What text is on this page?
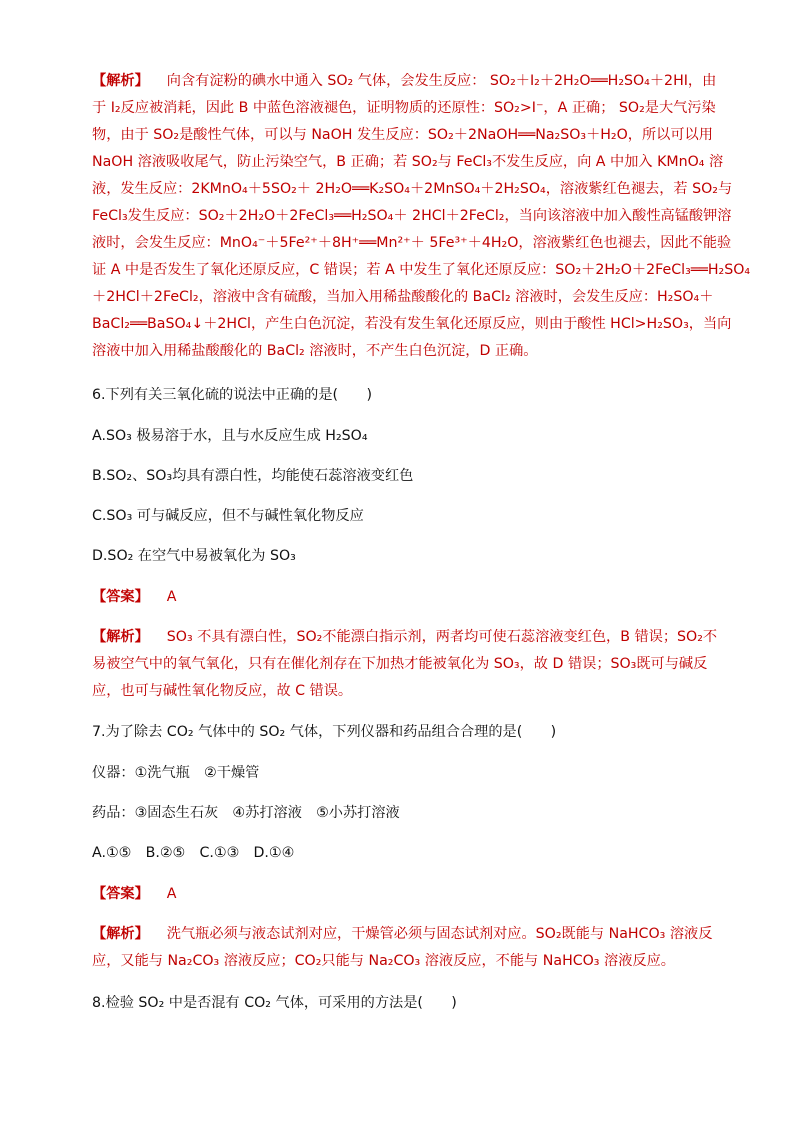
【解析】 向含有淀粉的碘水中通入 SO₂ 气体，会发生反应： SO₂＋I₂＋2H₂O══H₂SO₄＋2HI，由
于 I₂反应被消耗，因此 B 中蓝色溶液褪色，证明物质的还原性：SO₂>I⁻，A 正确； SO₂是大气污染
物，由于 SO₂是酸性气体，可以与 NaOH 发生反应：SO₂＋2NaOH══Na₂SO₃＋H₂O，所以可以用
NaOH 溶液吸收尾气，防止污染空气，B 正确；若 SO₂与 FeCl₃不发生反应，向 A 中加入 KMnO₄ 溶
液，发生反应：2KMnO₄＋5SO₂＋ 2H₂O══K₂SO₄＋2MnSO₄＋2H₂SO₄，溶液紫红色褪去，若 SO₂与
FeCl₃发生反应：SO₂＋2H₂O＋2FeCl₃══H₂SO₄＋ 2HCl＋2FeCl₂，当向该溶液中加入酸性高锰酸钾溶
液时，会发生反应：MnO₄⁻＋5Fe²⁺＋8H⁺══Mn²⁺＋ 5Fe³⁺＋4H₂O，溶液紫红色也褪去，因此不能验
证 A 中是否发生了氧化还原反应，C 错误；若 A 中发生了氧化还原反应：SO₂＋2H₂O＋2FeCl₃══H₂SO₄
＋2HCl＋2FeCl₂，溶液中含有硫酸，当加入用稀盐酸酸化的 BaCl₂ 溶液时，会发生反应：H₂SO₄＋
BaCl₂══BaSO₄↓＋2HCl，产生白色沉淀，若没有发生氧化还原反应，则由于酸性 HCl>H₂SO₃，当向
溶液中加入用稀盐酸酸化的 BaCl₂ 溶液时，不产生白色沉淀，D 正确。
6.下列有关三氧化硫的说法中正确的是(　　)
A.SO₃ 极易溶于水，且与水反应生成 H₂SO₄
B.SO₂、SO₃均具有漂白性，均能使石蕊溶液变红色
C.SO₃ 可与碱反应，但不与碱性氧化物反应
D.SO₂ 在空气中易被氧化为 SO₃
【答案】 A
【解析】 SO₃ 不具有漂白性，SO₂不能漂白指示剂，两者均可使石蕊溶液变红色，B 错误；SO₂不
易被空气中的氧气氧化，只有在催化剂存在下加热才能被氧化为 SO₃，故 D 错误；SO₃既可与碱反
应，也可与碱性氧化物反应，故 C 错误。
7.为了除去 CO₂ 气体中的 SO₂ 气体，下列仪器和药品组合合理的是(　　)
仪器：①洗气瓶　②干燥管
药品：③固态生石灰　④苏打溶液　⑤小苏打溶液
A.①⑤　B.②⑤　C.①③　D.①④
【答案】 A
【解析】 洗气瓶必须与液态试剂对应，干燥管必须与固态试剂对应。SO₂既能与 NaHCO₃ 溶液反
应，又能与 Na₂CO₃ 溶液反应；CO₂只能与 Na₂CO₃ 溶液反应，不能与 NaHCO₃ 溶液反应。
8.检验 SO₂ 中是否混有 CO₂ 气体，可采用的方法是(　　)
